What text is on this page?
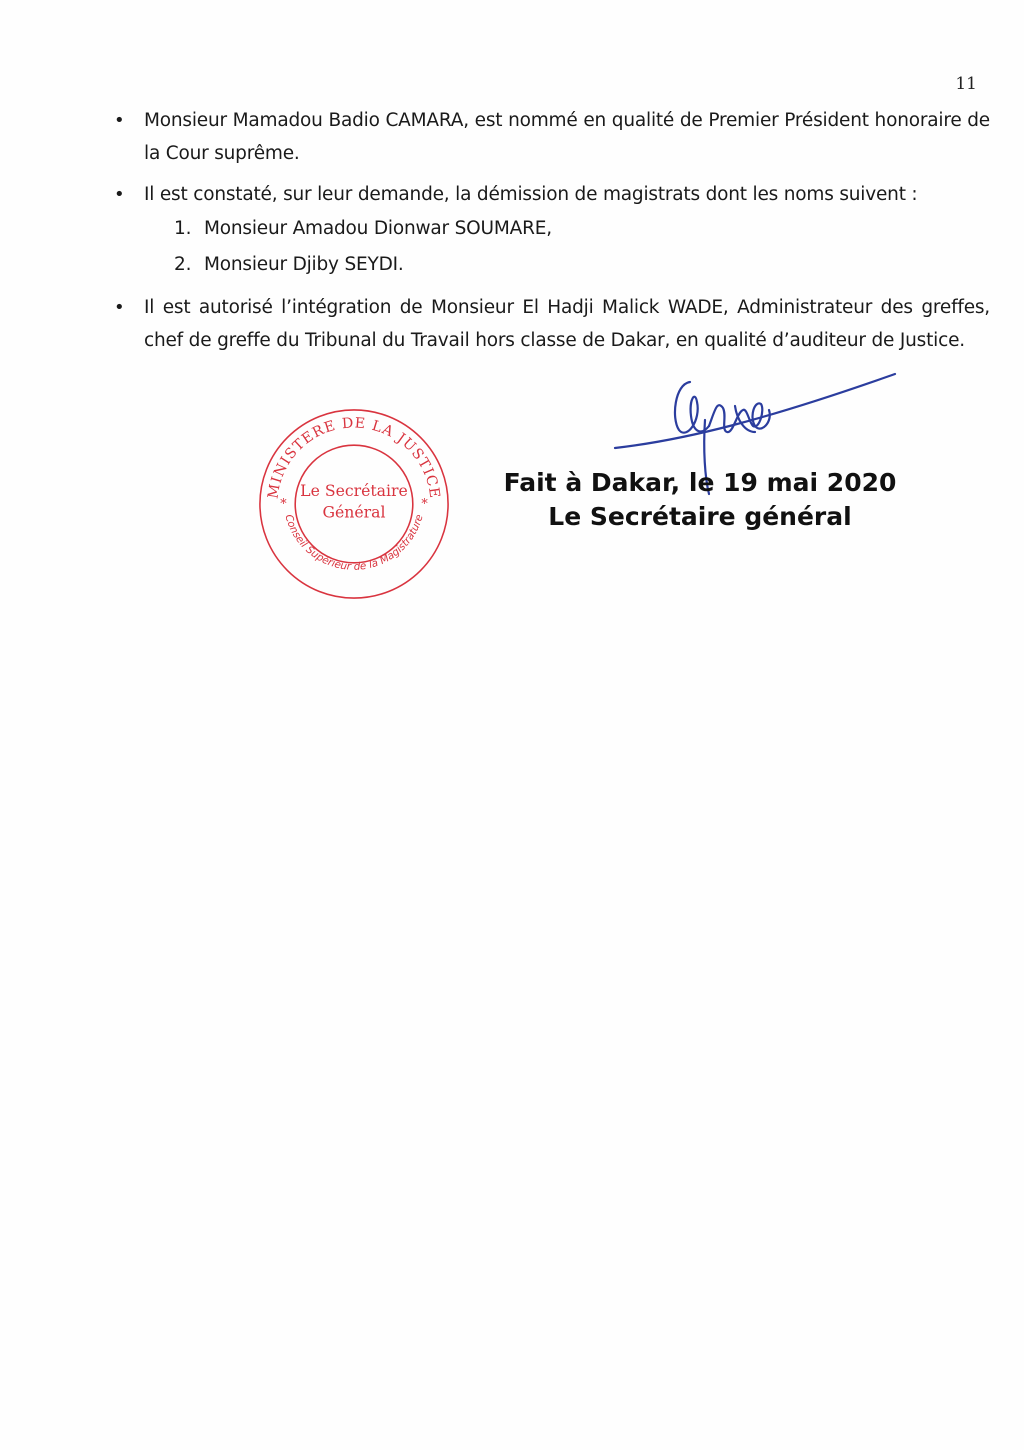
11
• Monsieur Mamadou Badio CAMARA, est nommé en qualité de Premier Président honoraire de la Cour suprême.
• Il est constaté, sur leur demande, la démission de magistrats dont les noms suivent :
1. Monsieur Amadou Dionwar SOUMARE,
2. Monsieur Djiby SEYDI.
• Il est autorisé l’intégration de Monsieur El Hadji Malick WADE, Administrateur des greffes, chef de greffe du Tribunal du Travail hors classe de Dakar, en qualité d’auditeur de Justice.
MINISTERE DE LA JUSTICE
Conseil Supérieur de la Magistrature
*	*
Le Secrétaire
Général
Fait à Dakar, le 19 mai 2020
Le Secrétaire général
